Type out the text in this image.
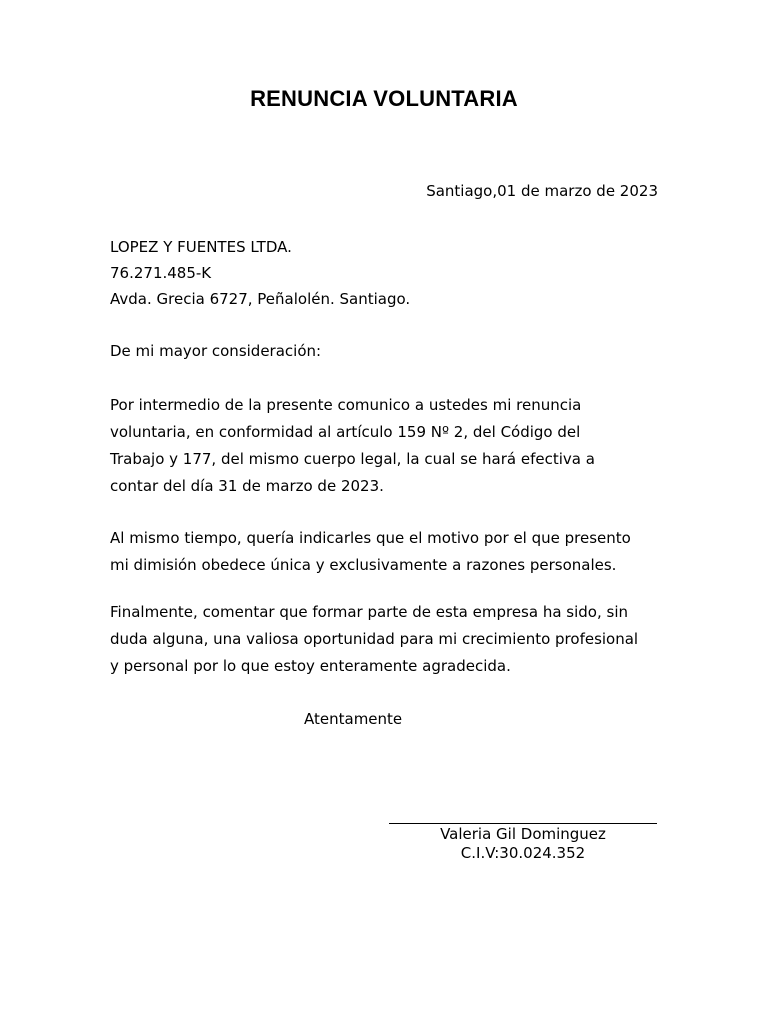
RENUNCIA VOLUNTARIA
Santiago,01 de marzo de 2023
LOPEZ Y FUENTES LTDA.
76.271.485-K
Avda. Grecia 6727, Peñalolén. Santiago.
De mi mayor consideración:
Por intermedio de la presente comunico a ustedes mi renuncia
voluntaria, en conformidad al artículo 159 Nº 2, del Código del
Trabajo y 177, del mismo cuerpo legal, la cual se hará efectiva a
contar del día 31 de marzo de 2023.
Al mismo tiempo, quería indicarles que el motivo por el que presento
mi dimisión obedece única y exclusivamente a razones personales.
Finalmente, comentar que formar parte de esta empresa ha sido, sin
duda alguna, una valiosa oportunidad para mi crecimiento profesional
y personal por lo que estoy enteramente agradecida.
Atentamente
Valeria Gil Dominguez
C.I.V:30.024.352
